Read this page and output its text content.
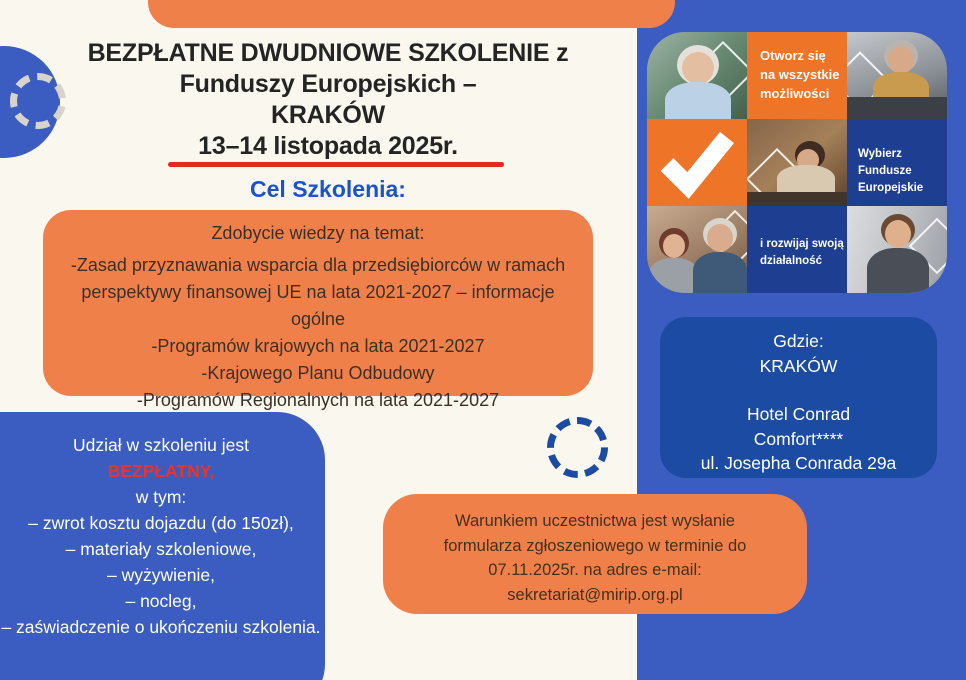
BEZPŁATNE DWUDNIOWE SZKOLENIE z
Funduszy Europejskich –
KRAKÓW
13–14 listopada 2025r.
Cel Szkolenia:
Zdobycie wiedzy na temat:
-Zasad przyznawania wsparcia dla przedsiębiorców w ramach perspektywy finansowej UE na lata 2021-2027 – informacje ogólne
-Programów krajowych na lata 2021-2027
-Krajowego Planu Odbudowy
-Programów Regionalnych na lata 2021-2027
Udział w szkoleniu jest
BEZPŁATNY,
w tym:
– zwrot kosztu dojazdu (do 150zł),
– materiały szkoleniowe,
– wyżywienie,
– nocleg,
– zaświadczenie o ukończeniu szkolenia.
Warunkiem uczestnictwa jest wysłanie
formularza zgłoszeniowego w terminie do
07.11.2025r. na adres e-mail:
sekretariat@mirip.org.pl
Gdzie:
KRAKÓW
Hotel Conrad
Comfort****
ul. Josepha Conrada 29a
Otworz się
na wszystkie
możliwości
Wybierz Fundusze
Europejskie
i rozwijaj swoją
działalność
